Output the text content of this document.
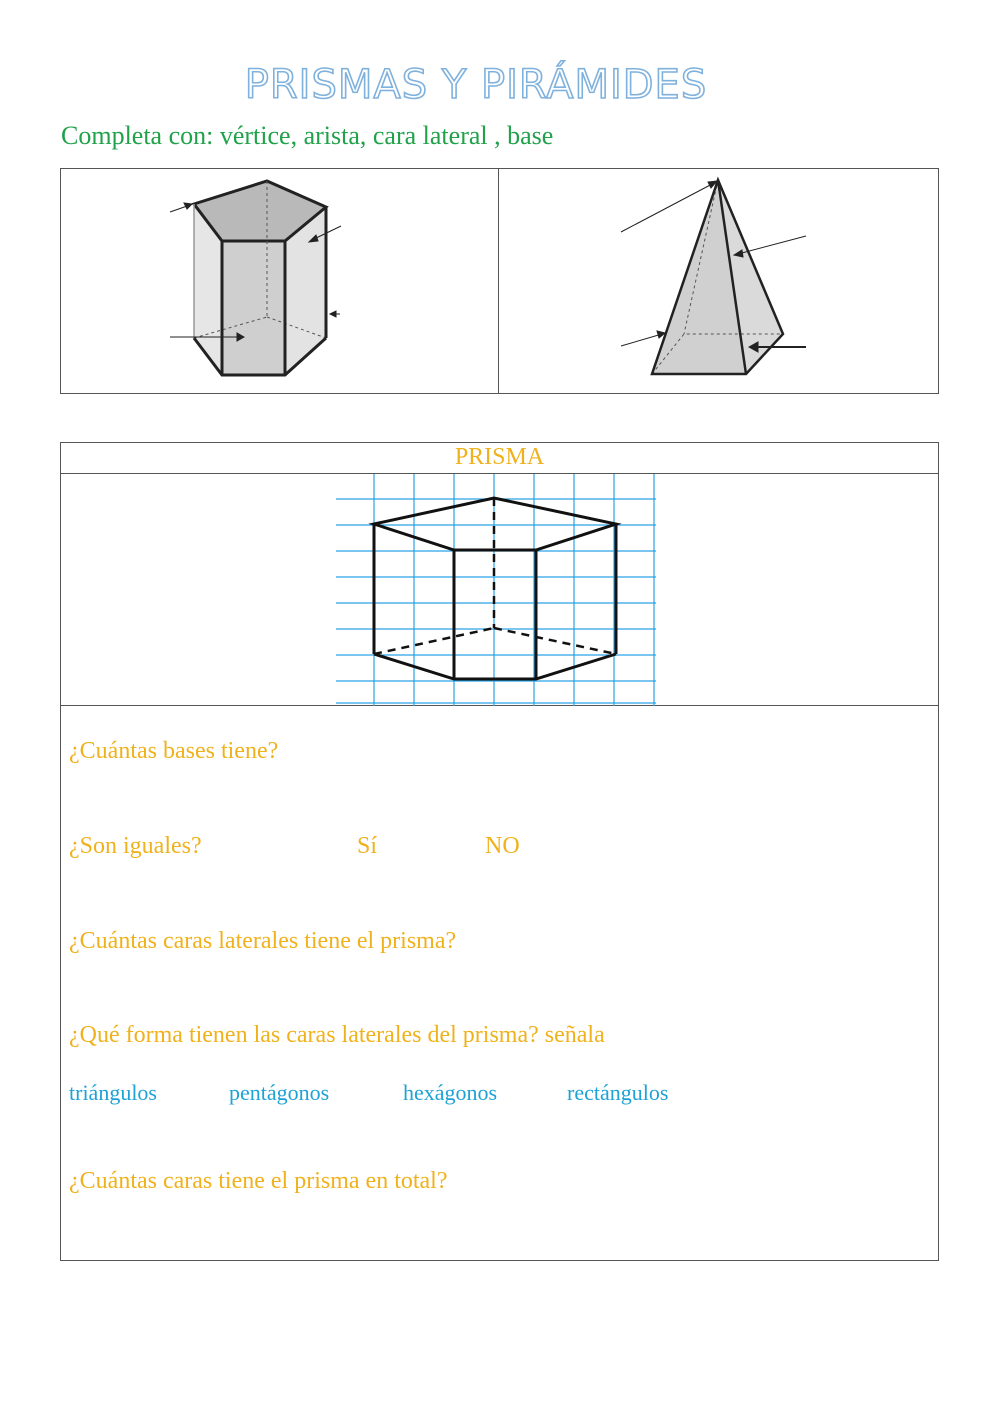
PRISMAS Y PIRÁMIDES
Completa con: vértice, arista, cara lateral , base
PRISMA
¿Cuántas bases tiene?
¿Son iguales?	Sí	NO
¿Cuántas caras laterales tiene el prisma?
¿Qué forma tienen las caras laterales del prisma? señala
triángulos	pentágonos	hexágonos	rectángulos
¿Cuántas caras tiene el prisma en total?
